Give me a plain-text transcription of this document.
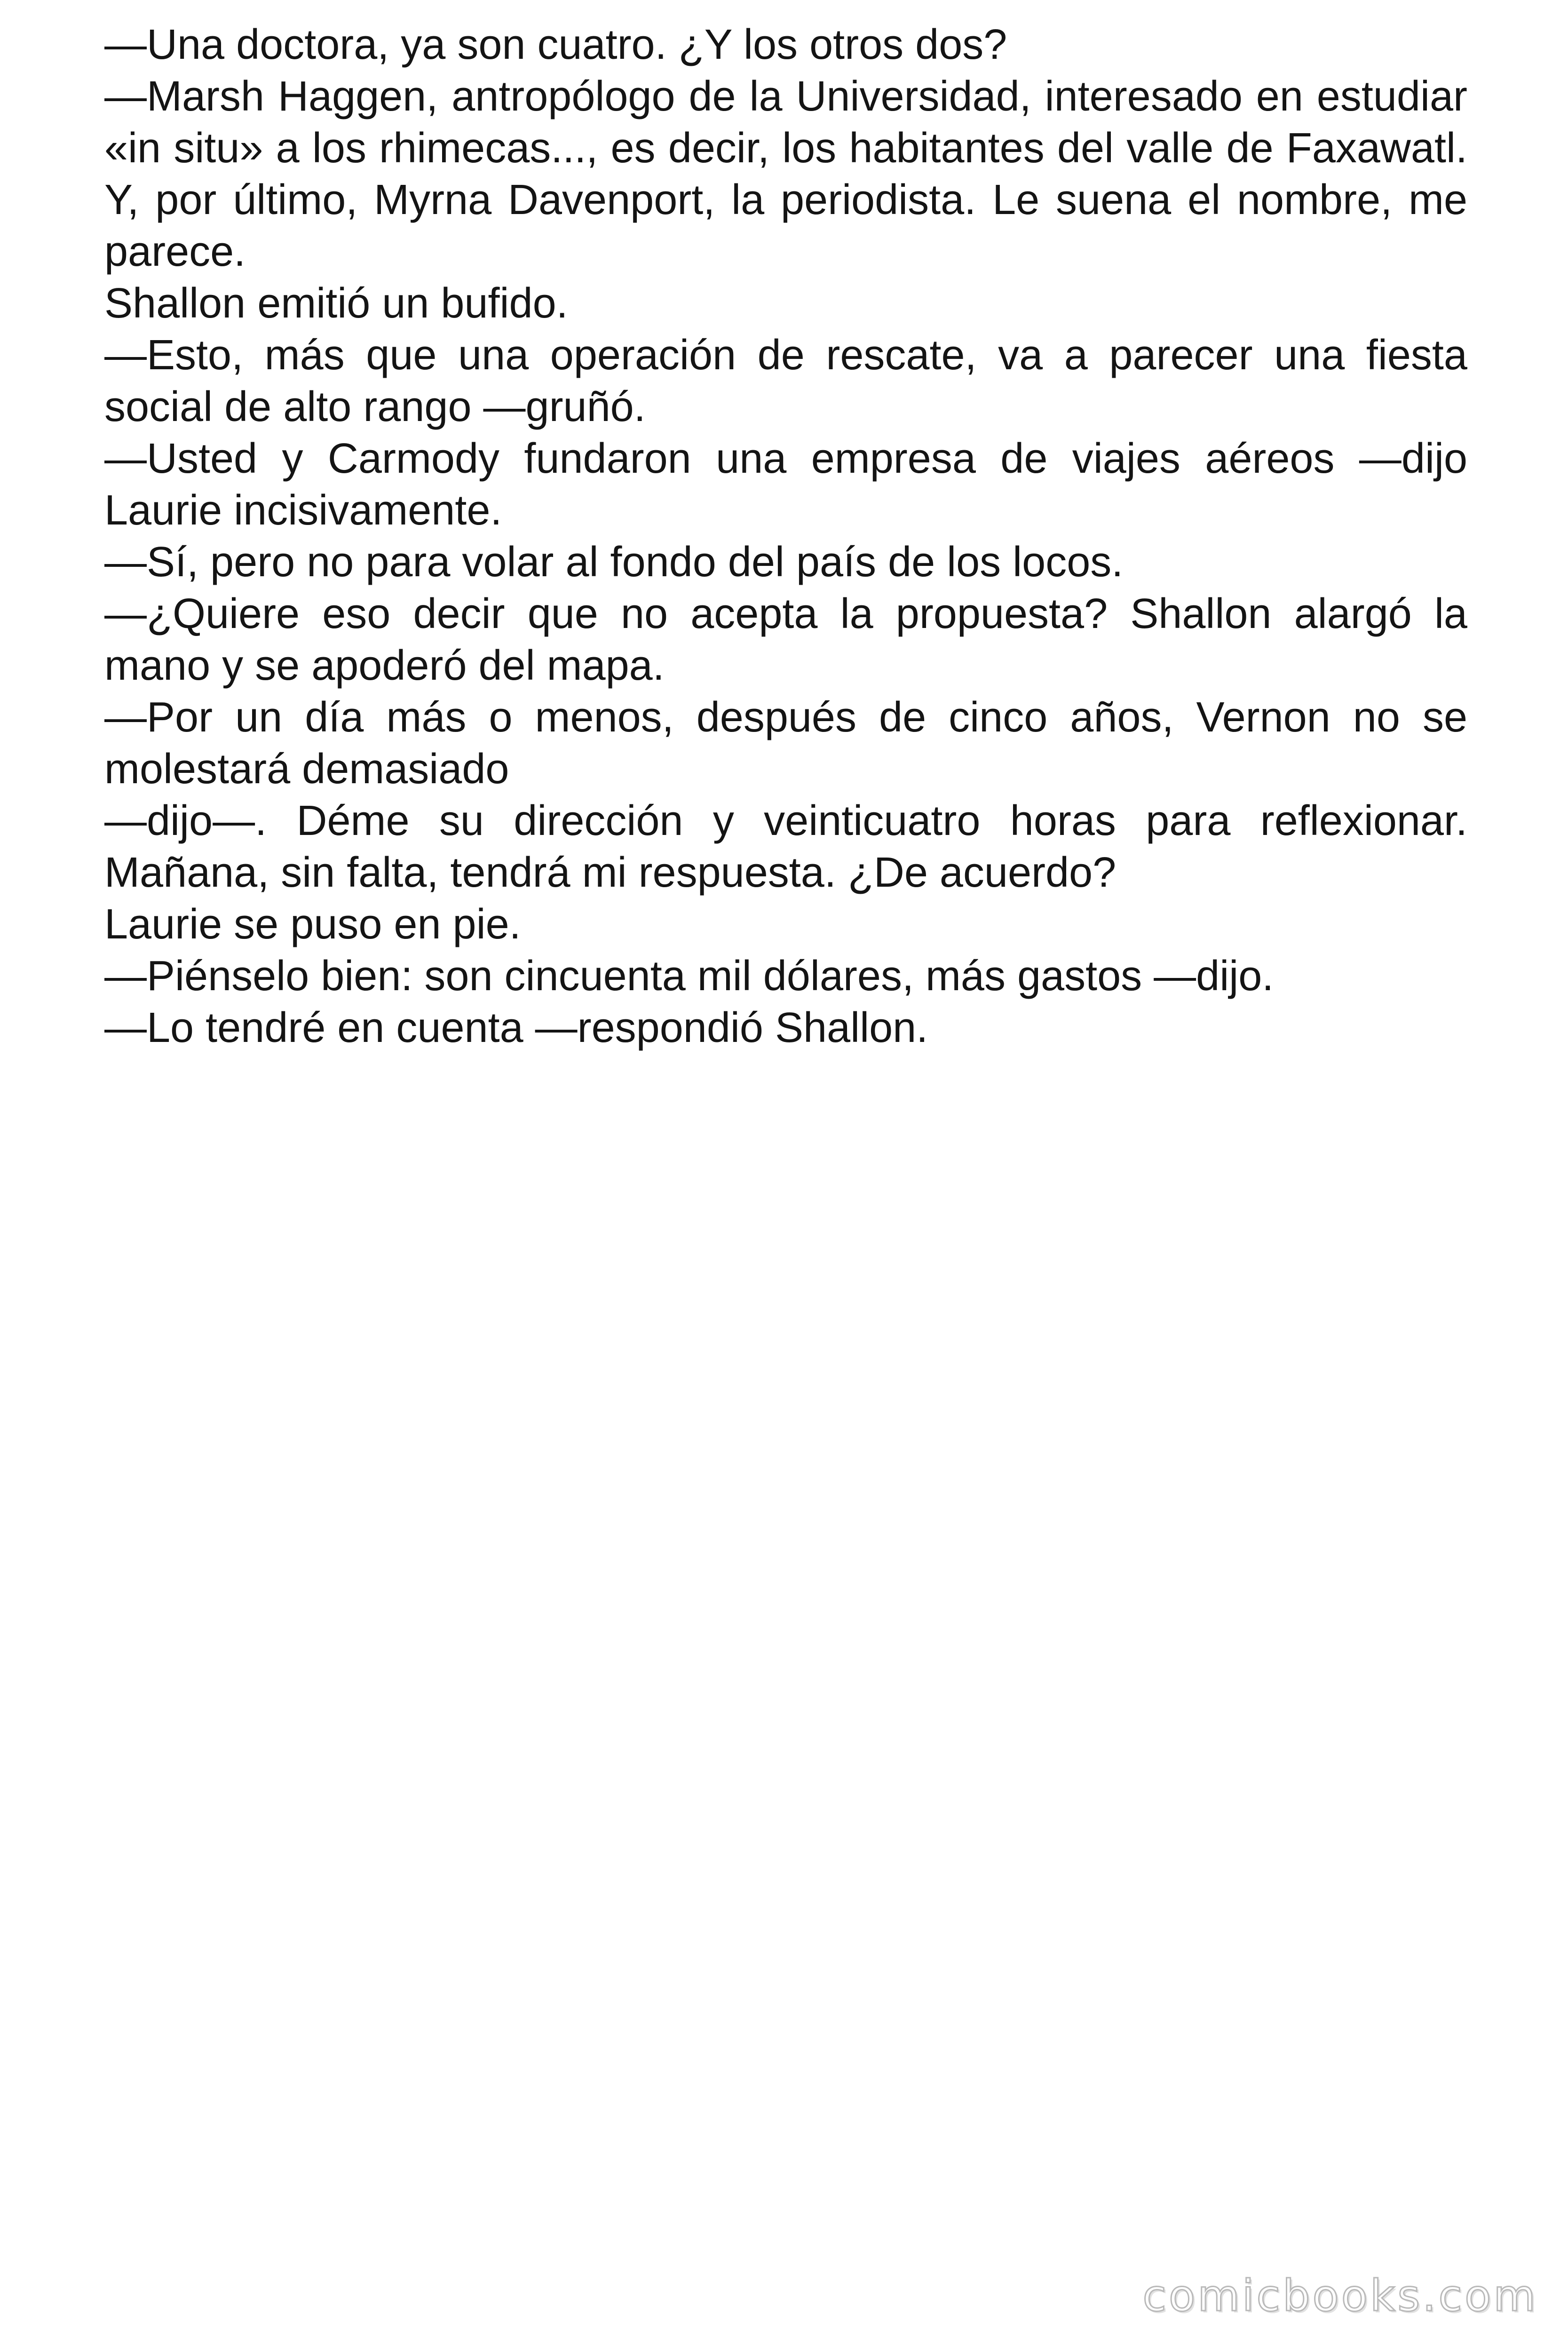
—Una doctora, ya son cuatro. ¿Y los otros dos?

—Marsh Haggen, antropólogo de la Universidad, interesado en estudiar «in situ» a los rhimecas..., es decir, los habitantes del valle de Faxawatl. Y, por último, Myrna Davenport, la periodista. Le suena el nombre, me parece.

Shallon emitió un bufido.

—Esto, más que una operación de rescate, va a parecer una fiesta social de alto rango —gruñó.

—Usted y Carmody fundaron una empresa de viajes aéreos —dijo Laurie incisivamente.

—Sí, pero no para volar al fondo del país de los locos.

—¿Quiere eso decir que no acepta la propuesta? Shallon alargó la mano y se apoderó del mapa.

—Por un día más o menos, después de cinco años, Vernon no se molestará demasiado

—dijo—. Déme su dirección y veinticuatro horas para reflexionar. Mañana, sin falta, tendrá mi respuesta. ¿De acuerdo?

Laurie se puso en pie.

—Piénselo bien: son cincuenta mil dólares, más gastos —dijo.

—Lo tendré en cuenta —respondió Shallon.

comicbooks.com
